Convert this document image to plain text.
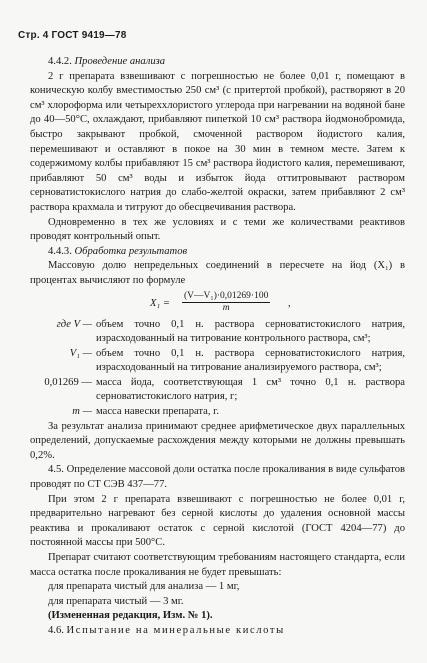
Стр. 4 ГОСТ 9419—78

4.4.2. Проведение анализа

2 г препарата взвешивают с погрешностью не более 0,01 г, помещают в коническую колбу вместимостью 250 см³ (с притертой пробкой), растворяют в 20 см³ хлороформа или четыреххлористого углерода при нагревании на водяной бане до 40—50°С, охлаждают, прибавляют пипеткой 10 см³ раствора йодмонобромида, быстро закрывают пробкой, смоченной раствором йодистого калия, перемешивают и оставляют в покое на 30 мин в темном месте. Затем к содержимому колбы прибавляют 15 см³ раствора йодистого калия, перемешивают, прибавляют 50 см³ воды и избыток йода оттитровывают раствором серноватистокислого натрия до слабо-желтой окраски, затем прибавляют 2 см³ раствора крахмала и титруют до обесцвечивания раствора.

Одновременно в тех же условиях и с теми же количествами реактивов проводят контрольный опыт.

4.4.3. Обработка результатов

Массовую долю непредельных соединений в пересчете на йод (X₁) в процентах вычисляют по формуле

$X_1 = \frac{\text{(V—V₁)·0,01269·100}}{m}$ ,
где V — объем точно 0,1 н. раствора серноватистокислого натрия, израсходованный на титрование контрольного раствора, см³;
V₁ — объем точно 0,1 н. раствора серноватистокислого натрия, израсходованный на титрование анализируемого раствора, см³;
0,01269 — масса йода, соответствующая 1 см³ точно 0,1 н. раствора серноватистокислого натрия, г;
m — масса навески препарата, г.

За результат анализа принимают среднее арифметическое двух параллельных определений, допускаемые расхождения между которыми не должны превышать 0,2%.

4.5. Определение массовой доли остатка после прокаливания в виде сульфатов проводят по СТ СЭВ 437—77.

При этом 2 г препарата взвешивают с погрешностью не более 0,01 г, предварительно нагревают без серной кислоты до удаления основной массы реактива и прокаливают остаток с серной кислотой (ГОСТ 4204—77) до постоянной массы при 500°С.

Препарат считают соответствующим требованиям настоящего стандарта, если масса остатка после прокаливания не будет превышать:

для препарата чистый для анализа — 1 мг,

для препарата чистый — 3 мг.

(Измененная редакция, Изм. № 1).

4.6. Испытание на минеральные кислоты
